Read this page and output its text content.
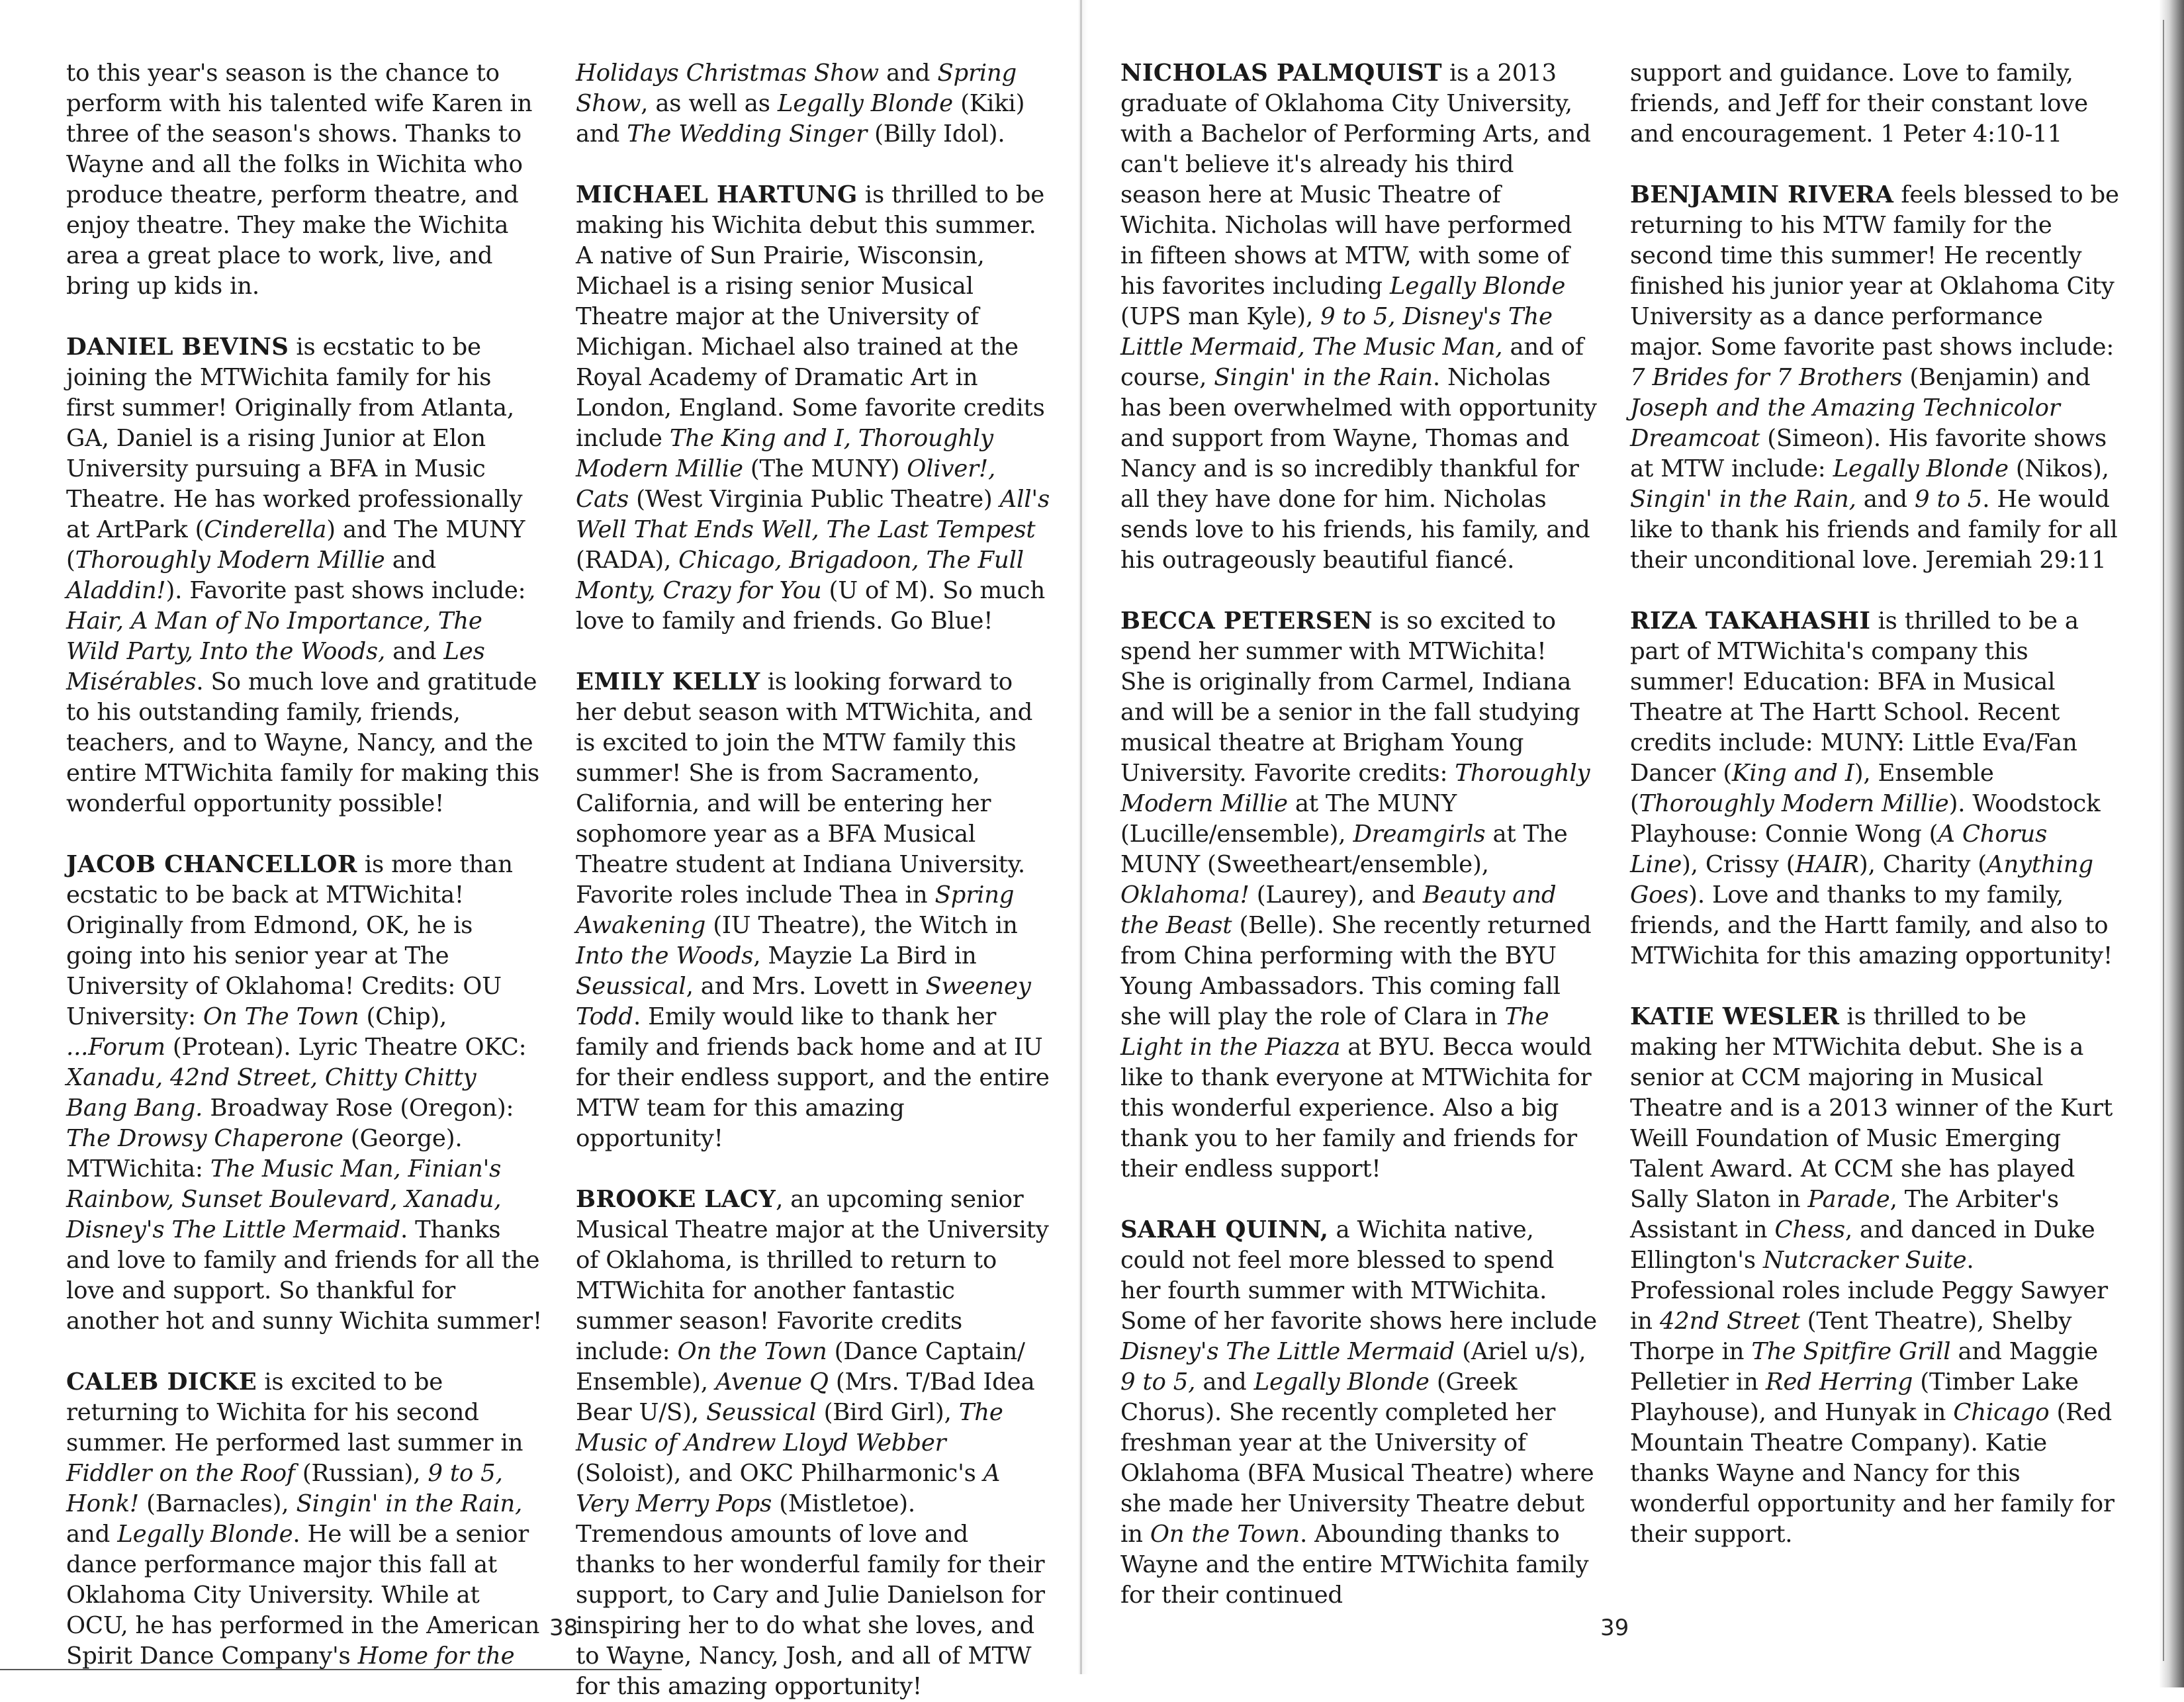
to this year's season is the chance to perform with his talented wife Karen in three of the season's shows. Thanks to Wayne and all the folks in Wichita who produce theatre, perform theatre, and enjoy theatre. They make the Wichita area a great place to work, live, and bring up kids in.

DANIEL BEVINS is ecstatic to be joining the MTWichita family for his first summer! Originally from Atlanta, GA, Daniel is a rising Junior at Elon University pursuing a BFA in Music Theatre. He has worked professionally at ArtPark (Cinderella) and The MUNY (Thoroughly Modern Millie and Aladdin!). Favorite past shows include: Hair, A Man of No Importance, The Wild Party, Into the Woods, and Les Misérables. So much love and gratitude to his outstanding family, friends, teachers, and to Wayne, Nancy, and the entire MTWichita family for making this wonderful opportunity possible!

JACOB CHANCELLOR is more than ecstatic to be back at MTWichita! Originally from Edmond, OK, he is going into his senior year at The University of Oklahoma! Credits: OU University: On The Town (Chip), ...Forum (Protean). Lyric Theatre OKC: Xanadu, 42nd Street, Chitty Chitty Bang Bang. Broadway Rose (Oregon): The Drowsy Chaperone (George). MTWichita: The Music Man, Finian's Rainbow, Sunset Boulevard, Xanadu, Disney's The Little Mermaid. Thanks and love to family and friends for all the love and support. So thankful for another hot and sunny Wichita summer!

CALEB DICKE is excited to be returning to Wichita for his second summer. He performed last summer in Fiddler on the Roof (Russian), 9 to 5, Honk! (Barnacles), Singin' in the Rain, and Legally Blonde. He will be a senior dance performance major this fall at Oklahoma City University. While at OCU, he has performed in the American Spirit Dance Company's Home for the

Holidays Christmas Show and Spring Show, as well as Legally Blonde (Kiki) and The Wedding Singer (Billy Idol).

MICHAEL HARTUNG is thrilled to be making his Wichita debut this summer. A native of Sun Prairie, Wisconsin, Michael is a rising senior Musical Theatre major at the University of Michigan. Michael also trained at the Royal Academy of Dramatic Art in London, England. Some favorite credits include The King and I, Thoroughly Modern Millie (The MUNY) Oliver!, Cats (West Virginia Public Theatre) All's Well That Ends Well, The Last Tempest (RADA), Chicago, Brigadoon, The Full Monty, Crazy for You (U of M). So much love to family and friends. Go Blue!

EMILY KELLY is looking forward to her debut season with MTWichita, and is excited to join the MTW family this summer! She is from Sacramento, California, and will be entering her sophomore year as a BFA Musical Theatre student at Indiana University. Favorite roles include Thea in Spring Awakening (IU Theatre), the Witch in Into the Woods, Mayzie La Bird in Seussical, and Mrs. Lovett in Sweeney Todd. Emily would like to thank her family and friends back home and at IU for their endless support, and the entire MTW team for this amazing opportunity!

BROOKE LACY, an upcoming senior Musical Theatre major at the University of Oklahoma, is thrilled to return to MTWichita for another fantastic summer season! Favorite credits include: On the Town (Dance Captain/ Ensemble), Avenue Q (Mrs. T/Bad Idea Bear U/S), Seussical (Bird Girl), The Music of Andrew Lloyd Webber (Soloist), and OKC Philharmonic's A Very Merry Pops (Mistletoe). Tremendous amounts of love and thanks to her wonderful family for their support, to Cary and Julie Danielson for inspiring her to do what she loves, and to Wayne, Nancy, Josh, and all of MTW for this amazing opportunity!

NICHOLAS PALMQUIST is a 2013 graduate of Oklahoma City University, with a Bachelor of Performing Arts, and can't believe it's already his third season here at Music Theatre of Wichita. Nicholas will have performed in fifteen shows at MTW, with some of his favorites including Legally Blonde (UPS man Kyle), 9 to 5, Disney's The Little Mermaid, The Music Man, and of course, Singin' in the Rain. Nicholas has been overwhelmed with opportunity and support from Wayne, Thomas and Nancy and is so incredibly thankful for all they have done for him. Nicholas sends love to his friends, his family, and his outrageously beautiful fiancé.

BECCA PETERSEN is so excited to spend her summer with MTWichita! She is originally from Carmel, Indiana and will be a senior in the fall studying musical theatre at Brigham Young University. Favorite credits: Thoroughly Modern Millie at The MUNY (Lucille/ensemble), Dreamgirls at The MUNY (Sweetheart/ensemble), Oklahoma! (Laurey), and Beauty and the Beast (Belle). She recently returned from China performing with the BYU Young Ambassadors. This coming fall she will play the role of Clara in The Light in the Piazza at BYU. Becca would like to thank everyone at MTWichita for this wonderful experience. Also a big thank you to her family and friends for their endless support!

SARAH QUINN, a Wichita native, could not feel more blessed to spend her fourth summer with MTWichita. Some of her favorite shows here include Disney's The Little Mermaid (Ariel u/s), 9 to 5, and Legally Blonde (Greek Chorus). She recently completed her freshman year at the University of Oklahoma (BFA Musical Theatre) where she made her University Theatre debut in On the Town. Abounding thanks to Wayne and the entire MTWichita family for their continued

support and guidance. Love to family, friends, and Jeff for their constant love and encouragement. 1 Peter 4:10-11

BENJAMIN RIVERA feels blessed to be returning to his MTW family for the second time this summer! He recently finished his junior year at Oklahoma City University as a dance performance major. Some favorite past shows include: 7 Brides for 7 Brothers (Benjamin) and Joseph and the Amazing Technicolor Dreamcoat (Simeon). His favorite shows at MTW include: Legally Blonde (Nikos), Singin' in the Rain, and 9 to 5. He would like to thank his friends and family for all their unconditional love. Jeremiah 29:11

RIZA TAKAHASHI is thrilled to be a part of MTWichita's company this summer! Education: BFA in Musical Theatre at The Hartt School. Recent credits include: MUNY: Little Eva/Fan Dancer (King and I), Ensemble (Thoroughly Modern Millie). Woodstock Playhouse: Connie Wong (A Chorus Line), Crissy (HAIR), Charity (Anything Goes). Love and thanks to my family, friends, and the Hartt family, and also to MTWichita for this amazing opportunity!

KATIE WESLER is thrilled to be making her MTWichita debut. She is a senior at CCM majoring in Musical Theatre and is a 2013 winner of the Kurt Weill Foundation of Music Emerging Talent Award. At CCM she has played Sally Slaton in Parade, The Arbiter's Assistant in Chess, and danced in Duke Ellington's Nutcracker Suite. Professional roles include Peggy Sawyer in 42nd Street (Tent Theatre), Shelby Thorpe in The Spitfire Grill and Maggie Pelletier in Red Herring (Timber Lake Playhouse), and Hunyak in Chicago (Red Mountain Theatre Company). Katie thanks Wayne and Nancy for this wonderful opportunity and her family for their support.

38	39
